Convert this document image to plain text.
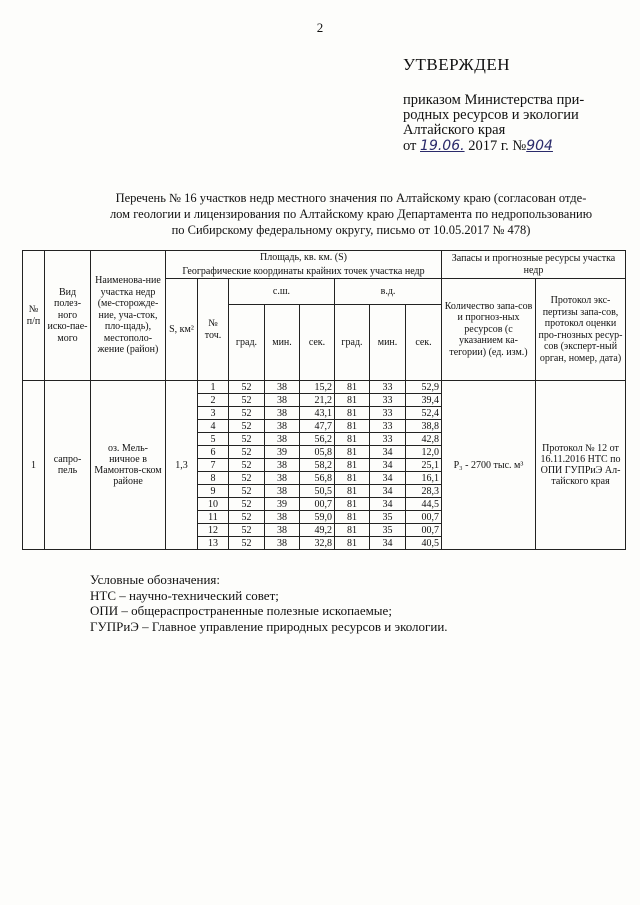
2
УТВЕРЖДЕН
приказом Министерства при-
родных ресурсов и экологии
Алтайского края
от 19.06. 2017 г. №904
Перечень № 16 участков недр местного значения по Алтайскому краю (согласован отде-
лом геологии и лицензирования по Алтайскому краю Департамента по недропользованию
по Сибирскому федеральному округу, письмо от 10.05.2017 № 478)
№ п/п	Вид полез-ного иско-пае-мого	Наименова-ние участка недр (ме-сторожде-ние, уча-сток, пло-щадь), местополо-жение (район)	Площадь, кв. км. (S)								Запасы и прогнозные ресурсы участка недр	
			Географические координаты крайних точек участка недр									
			S, км²	№ точ.	с.ш.			в.д.			Количество запа-сов и прогноз-ных ресурсов (с указанием ка-тегории) (ед. изм.)	Протокол экс-пертизы запа-сов, протокол оценки про-гнозных ресур-сов (эксперт-ный орган, номер, дата)
					град.	мин.	сек.	град.	мин.	сек.		
1	сапро-пель	оз. Мель-ничное в Мамонтов-ском районе	1,3	1	52	38	15,2	81	33	52,9	Р₃ - 2700 тыс. м³	Протокол № 12 от 16.11.2016 НТС по ОПИ ГУПРиЭ Ал-тайского края
				2	52	38	21,2	81	33	39,4		
				3	52	38	43,1	81	33	52,4		
				4	52	38	47,7	81	33	38,8		
				5	52	38	56,2	81	33	42,8		
				6	52	39	05,8	81	34	12,0		
				7	52	38	58,2	81	34	25,1		
				8	52	38	56,8	81	34	16,1		
				9	52	38	50,5	81	34	28,3		
				10	52	39	00,7	81	34	44,5		
				11	52	38	59,0	81	35	00,7		
				12	52	38	49,2	81	35	00,7		
				13	52	38	32,8	81	34	40,5		
Условные обозначения:
НТС – научно-технический совет;
ОПИ – общераспространенные полезные ископаемые;
ГУПРиЭ – Главное управление природных ресурсов и экологии.
